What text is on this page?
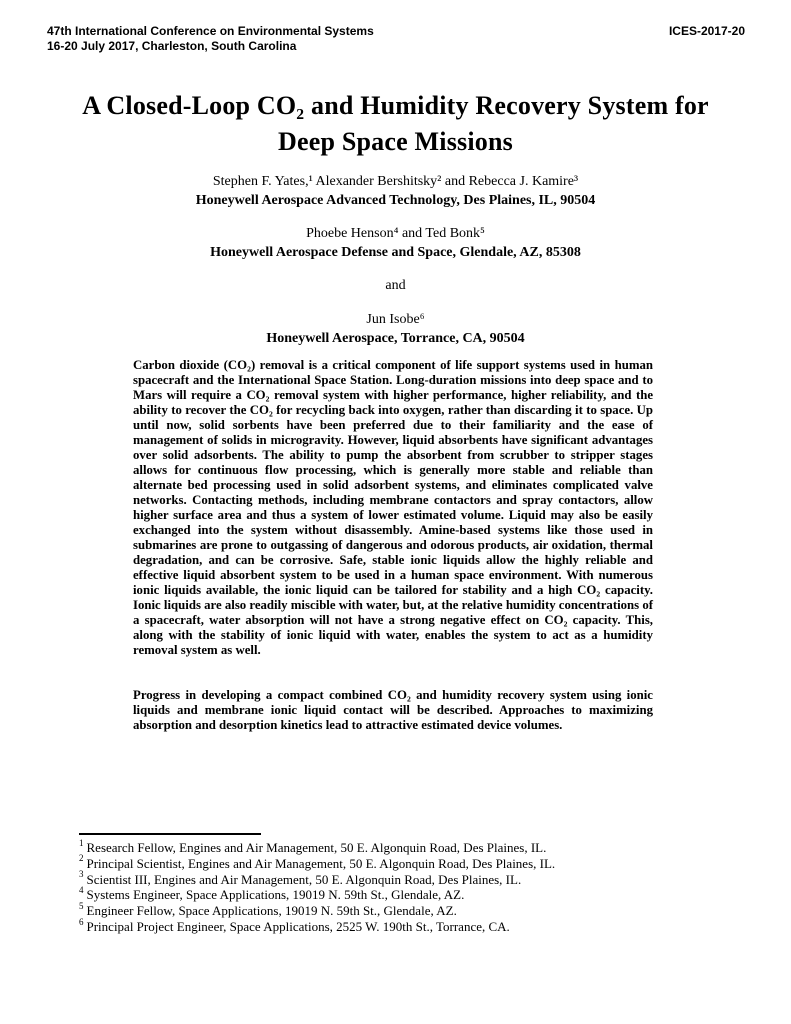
47th International Conference on Environmental Systems
16-20 July 2017, Charleston, South Carolina
ICES-2017-20
A Closed-Loop CO₂ and Humidity Recovery System for
Deep Space Missions
Stephen F. Yates,¹ Alexander Bershitsky² and Rebecca J. Kamire³
Honeywell Aerospace Advanced Technology, Des Plaines, IL, 90504
Phoebe Henson⁴ and Ted Bonk⁵
Honeywell Aerospace Defense and Space, Glendale, AZ, 85308
and
Jun Isobe⁶
Honeywell Aerospace, Torrance, CA, 90504
Carbon dioxide (CO₂) removal is a critical component of life support systems used in human spacecraft and the International Space Station. Long-duration missions into deep space and to Mars will require a CO₂ removal system with higher performance, higher reliability, and the ability to recover the CO₂ for recycling back into oxygen, rather than discarding it to space. Up until now, solid sorbents have been preferred due to their familiarity and the ease of management of solids in microgravity. However, liquid absorbents have significant advantages over solid adsorbents. The ability to pump the absorbent from scrubber to stripper stages allows for continuous flow processing, which is generally more stable and reliable than alternate bed processing used in solid adsorbent systems, and eliminates complicated valve networks. Contacting methods, including membrane contactors and spray contactors, allow higher surface area and thus a system of lower estimated volume. Liquid may also be easily exchanged into the system without disassembly. Amine-based systems like those used in submarines are prone to outgassing of dangerous and odorous products, air oxidation, thermal degradation, and can be corrosive. Safe, stable ionic liquids allow the highly reliable and effective liquid absorbent system to be used in a human space environment. With numerous ionic liquids available, the ionic liquid can be tailored for stability and a high CO₂ capacity. Ionic liquids are also readily miscible with water, but, at the relative humidity concentrations of a spacecraft, water absorption will not have a strong negative effect on CO₂ capacity. This, along with the stability of ionic liquid with water, enables the system to act as a humidity removal system as well.
Progress in developing a compact combined CO₂ and humidity recovery system using ionic liquids and membrane ionic liquid contact will be described. Approaches to maximizing absorption and desorption kinetics lead to attractive estimated device volumes.
$^1$ Research Fellow, Engines and Air Management, 50 E. Algonquin Road, Des Plaines, IL.
$^2$ Principal Scientist, Engines and Air Management, 50 E. Algonquin Road, Des Plaines, IL.
$^3$ Scientist III, Engines and Air Management, 50 E. Algonquin Road, Des Plaines, IL.
$^4$ Systems Engineer, Space Applications, 19019 N. 59th St., Glendale, AZ.
$^5$ Engineer Fellow, Space Applications, 19019 N. 59th St., Glendale, AZ.
$^6$ Principal Project Engineer, Space Applications, 2525 W. 190th St., Torrance, CA.
